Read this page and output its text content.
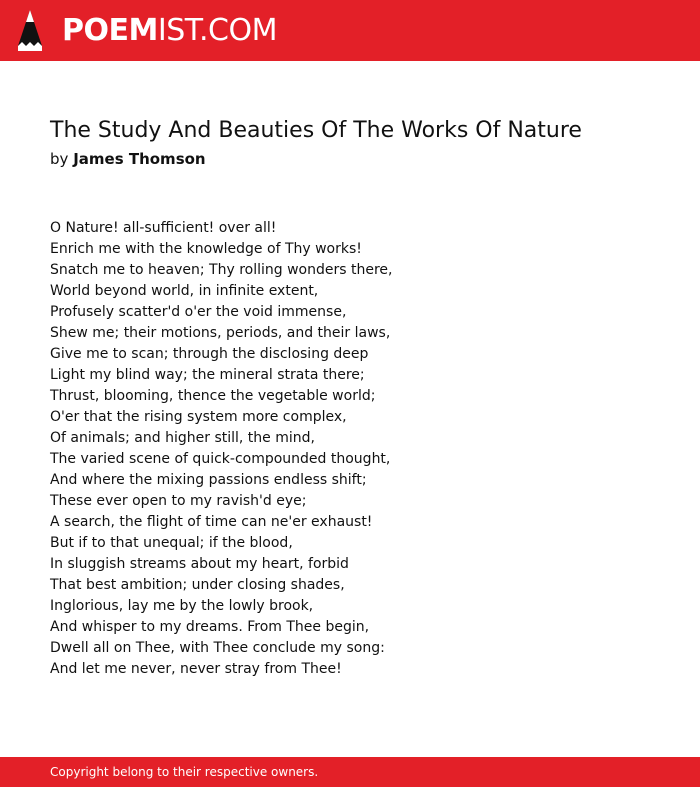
POEMIST.COM
The Study And Beauties Of The Works Of Nature
by James Thomson
O Nature! all-sufficient! over all!
Enrich me with the knowledge of Thy works!
Snatch me to heaven; Thy rolling wonders there,
World beyond world, in infinite extent,
Profusely scatter'd o'er the void immense,
Shew me; their motions, periods, and their laws,
Give me to scan; through the disclosing deep
Light my blind way; the mineral strata there;
Thrust, blooming, thence the vegetable world;
O'er that the rising system more complex,
Of animals; and higher still, the mind,
The varied scene of quick-compounded thought,
And where the mixing passions endless shift;
These ever open to my ravish'd eye;
A search, the flight of time can ne'er exhaust!
But if to that unequal; if the blood,
In sluggish streams about my heart, forbid
That best ambition; under closing shades,
Inglorious, lay me by the lowly brook,
And whisper to my dreams. From Thee begin,
Dwell all on Thee, with Thee conclude my song:
And let me never, never stray from Thee!
Copyright belong to their respective owners.
